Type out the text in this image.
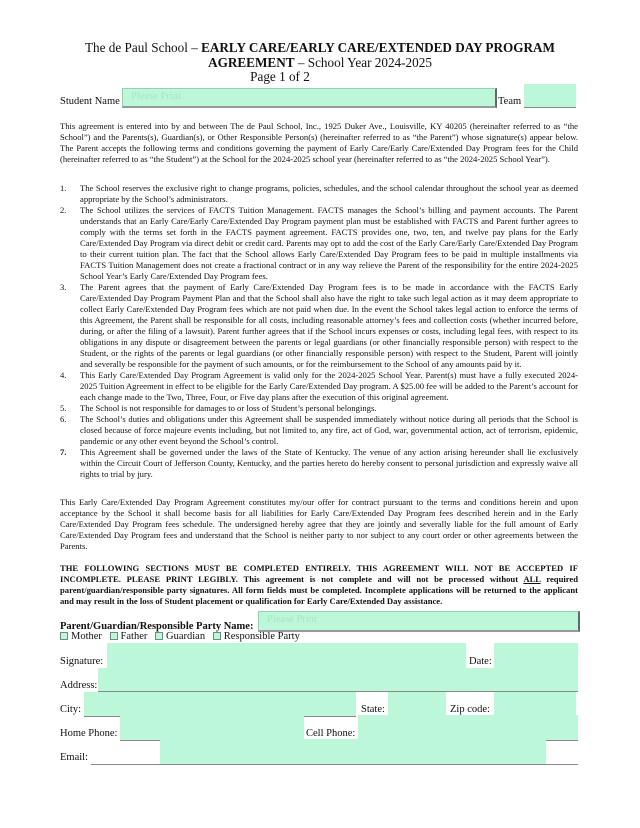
The de Paul School – EARLY CARE/EARLY CARE/EXTENDED DAY PROGRAM
AGREEMENT – School Year 2024-2025
Page 1 of 2
Student Name	Please Print	Team
This agreement is entered into by and between The de Paul School, Inc., 1925 Duker Ave., Louisville, KY 40205 (hereinafter referred to as “the School”) and the Parents(s), Guardian(s), or Other Responsible Person(s) (hereinafter referred to as “the Parent”) whose signature(s) appear below. The Parent accepts the following terms and conditions governing the payment of Early Care/Early Care/Extended Day Program fees for the Child (hereinafter referred to as “the Student”) at the School for the 2024-2025 school year (hereinafter referred to as “the 2024-2025 School Year”).
1. The School reserves the exclusive right to change programs, policies, schedules, and the school calendar throughout the school year as deemed appropriate by the School’s administrators.
2. The School utilizes the services of FACTS Tuition Management. FACTS manages the School’s billing and payment accounts. The Parent understands that an Early Care/Early Care/Extended Day Program payment plan must be established with FACTS and Parent further agrees to comply with the terms set forth in the FACTS payment agreement. FACTS provides one, two, ten, and twelve pay plans for the Early Care/Extended Day Program via direct debit or credit card. Parents may opt to add the cost of the Early Care/Early Care/Extended Day Program to their current tuition plan. The fact that the School allows Early Care/Extended Day Program fees to be paid in multiple installments via FACTS Tuition Management does not create a fractional contract or in any way relieve the Parent of the responsibility for the entire 2024-2025 School Year’s Early Care/Extended Day Program fees.
3. The Parent agrees that the payment of Early Care/Extended Day Program fees is to be made in accordance with the FACTS Early Care/Extended Day Program Payment Plan and that the School shall also have the right to take such legal action as it may deem appropriate to collect Early Care/Extended Day Program fees which are not paid when due. In the event the School takes legal action to enforce the terms of this Agreement, the Parent shall be responsible for all costs, including reasonable attorney’s fees and collection costs (whether incurred before, during, or after the filing of a lawsuit). Parent further agrees that if the School incurs expenses or costs, including legal fees, with respect to its obligations in any dispute or disagreement between the parents or legal guardians (or other financially responsible person) with respect to the Student, or the rights of the parents or legal guardians (or other financially responsible person) with respect to the Student, Parent will jointly and severally be responsible for the payment of such amounts, or for the reimbursement to the School of any amounts paid by it.
4. This Early Care/Extended Day Program Agreement is valid only for the 2024-2025 School Year. Parent(s) must have a fully executed 2024-2025 Tuition Agreement in effect to be eligible for the Early Care/Extended Day program. A $25.00 fee will be added to the Parent’s account for each change made to the Two, Three, Four, or Five day plans after the execution of this original agreement.
5. The School is not responsible for damages to or loss of Student’s personal belongings.
6. The School’s duties and obligations under this Agreement shall be suspended immediately without notice during all periods that the School is closed because of force majeure events including, but not limited to, any fire, act of God, war, governmental action, act of terrorism, epidemic, pandemic or any other event beyond the School’s control.
7. This Agreement shall be governed under the laws of the State of Kentucky. The venue of any action arising hereunder shall lie exclusively within the Circuit Court of Jefferson County, Kentucky, and the parties hereto do hereby consent to personal jurisdiction and expressly waive all rights to trial by jury.
This Early Care/Extended Day Program Agreement constitutes my/our offer for contract pursuant to the terms and conditions herein and upon acceptance by the School it shall become basis for all liabilities for Early Care/Extended Day Program fees described herein and in the Early Care/Extended Day Program fees schedule. The undersigned hereby agree that they are jointly and severally liable for the full amount of Early Care/Extended Day Program fees and understand that the School is neither party to nor subject to any court order or other agreements between the Parents.
THE FOLLOWING SECTIONS MUST BE COMPLETED ENTIRELY. THIS AGREEMENT WILL NOT BE ACCEPTED IF INCOMPLETE. PLEASE PRINT LEGIBLY. This agreement is not complete and will not be processed without ALL required parent/guardian/responsible party signatures. All form fields must be completed. Incomplete applications will be returned to the applicant and may result in the loss of Student placement or qualification for Early Care/Extended Day assistance.
Parent/Guardian/Responsible Party Name:
Please Print
Mother Father Guardian Responsible Party
Signature:	Date:
Address:
City:	State:	Zip code:
Home Phone:	Cell Phone:
Email:
